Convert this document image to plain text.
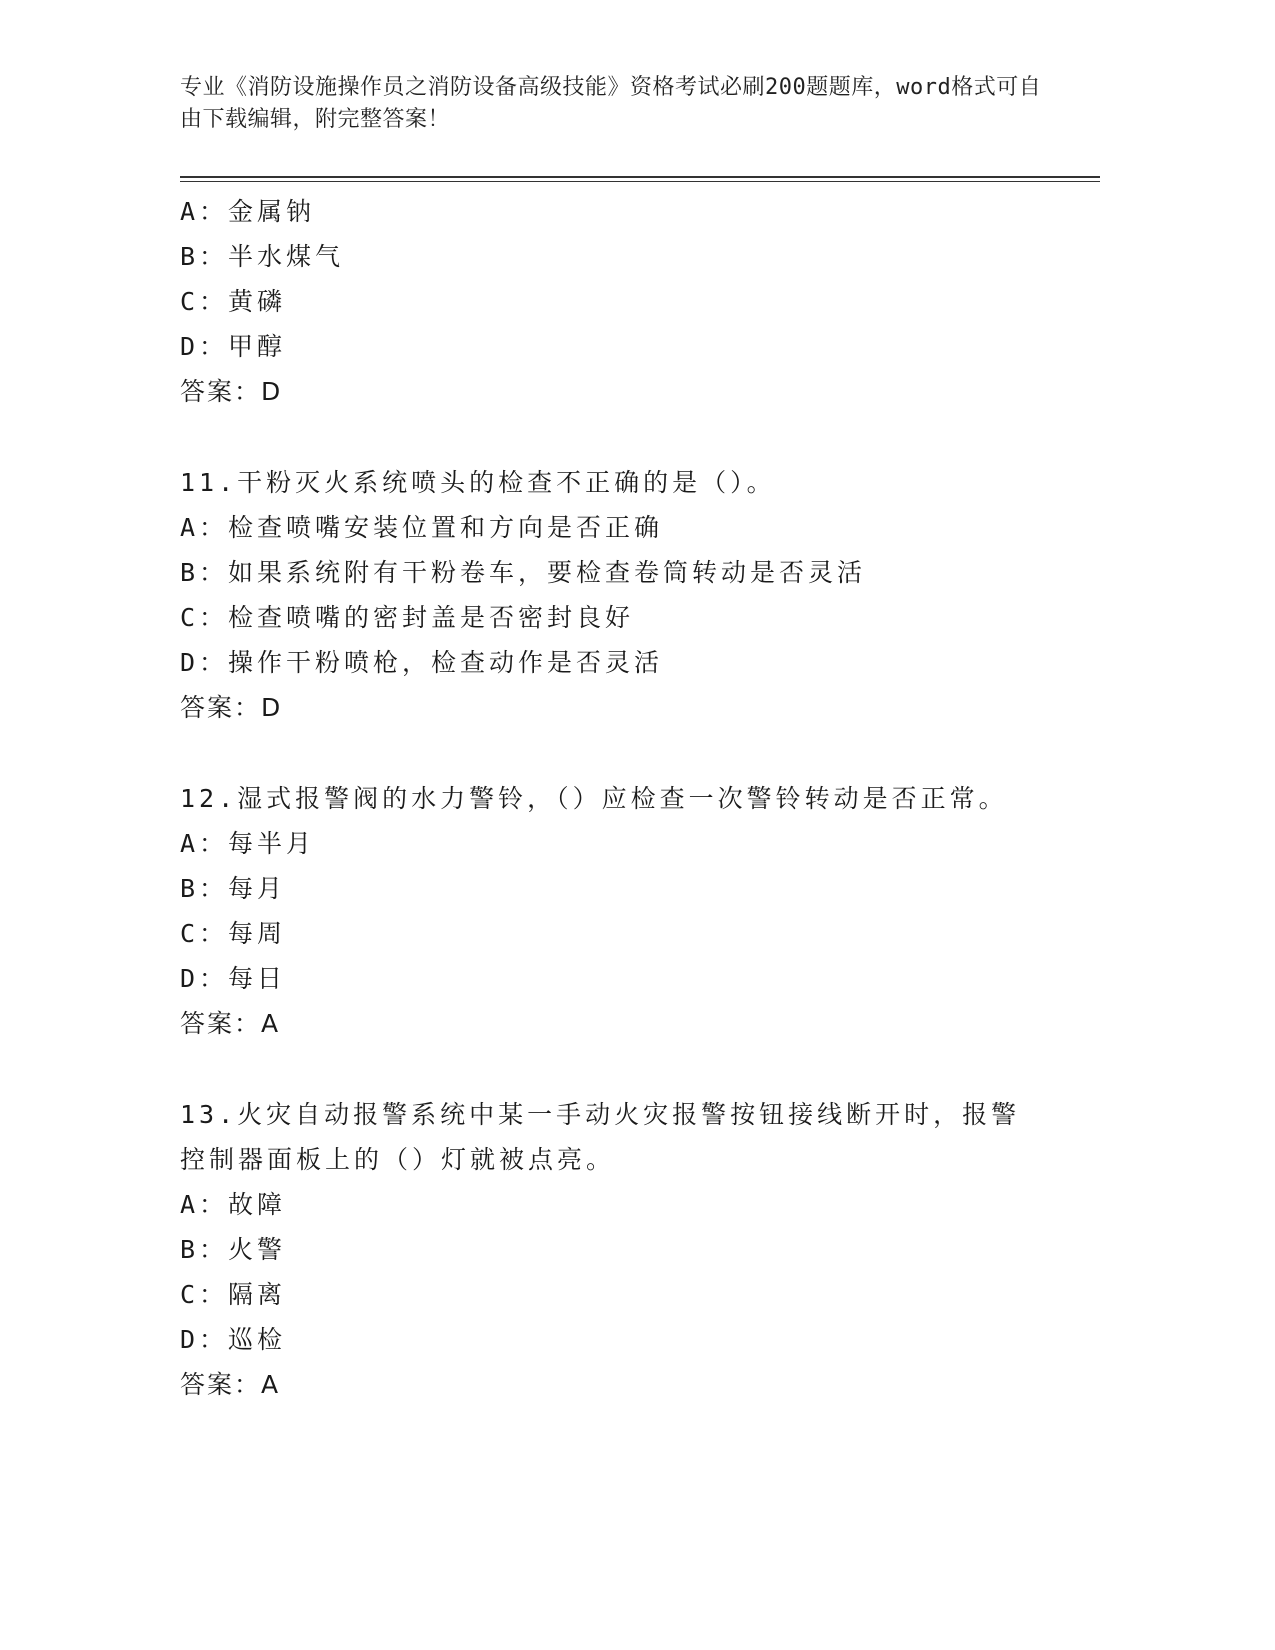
专业《消防设施操作员之消防设备高级技能》资格考试必刷200题题库，word格式可自由下载编辑，附完整答案！
A：金属钠
B：半水煤气
C：黄磷
D：甲醇
答案：D
11.干粉灭火系统喷头的检查不正确的是（）。
A：检查喷嘴安装位置和方向是否正确
B：如果系统附有干粉卷车，要检查卷筒转动是否灵活
C：检查喷嘴的密封盖是否密封良好
D：操作干粉喷枪，检查动作是否灵活
答案：D
12.湿式报警阀的水力警铃，（）应检查一次警铃转动是否正常。
A：每半月
B：每月
C：每周
D：每日
答案：A
13.火灾自动报警系统中某一手动火灾报警按钮接线断开时，报警控制器面板上的（）灯就被点亮。
A：故障
B：火警
C：隔离
D：巡检
答案：A
